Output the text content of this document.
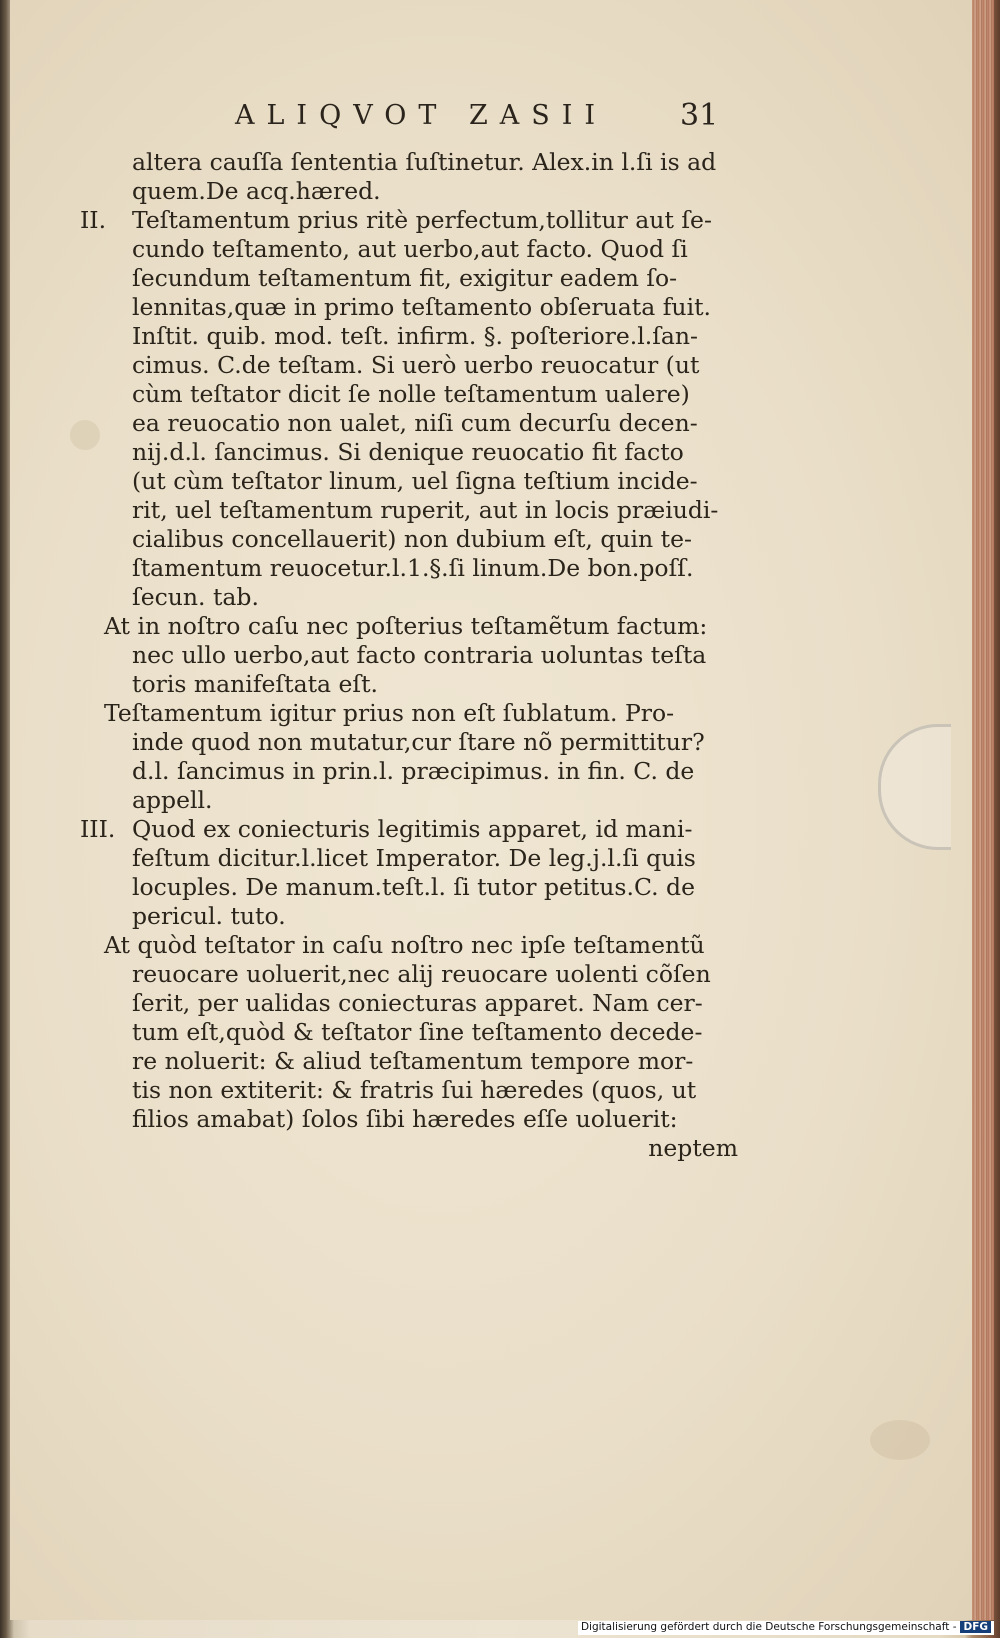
ALIQVOT ZASII	31
altera cauſſa ſententia ſuſtinetur. Alex.in l.ſi is ad
quem.De acq.hæred.
II. Teſtamentum prius ritè perfectum,tollitur aut ſe-
cundo teſtamento, aut uerbo,aut facto. Quod ſi
ſecundum teſtamentum fit, exigitur eadem ſo-
lennitas,quæ in primo teſtamento obſeruata fuit.
Inſtit. quib. mod. teſt. infirm. §. poſteriore.l.ſan-
cimus. C.de teſtam. Si uerò uerbo reuocatur (ut
cùm teſtator dicit ſe nolle teſtamentum ualere)
ea reuocatio non ualet, niſi cum decurſu decen-
nij.d.l. ſancimus. Si denique reuocatio fit facto
(ut cùm teſtator linum, uel ſigna teſtium incide-
rit, uel teſtamentum ruperit, aut in locis præiudi-
cialibus concellauerit) non dubium eſt, quin te-
ſtamentum reuocetur.l.1.§.ſi linum.De bon.poſſ.
ſecun. tab.
At in noſtro caſu nec poſterius teſtamẽtum factum:
nec ullo uerbo,aut facto contraria uoluntas teſta
toris manifeſtata eſt.
Teſtamentum igitur prius non eſt ſublatum. Pro-
inde quod non mutatur,cur ſtare nõ permittitur?
d.l. ſancimus in prin.l. præcipimus. in fin. C. de
appell.
III. Quod ex coniecturis legitimis apparet, id mani-
feſtum dicitur.l.licet Imperator. De leg.j.l.ſi quis
locuples. De manum.teſt.l. ſi tutor petitus.C. de
pericul. tuto.
At quòd teſtator in caſu noſtro nec ipſe teſtamentũ
reuocare uoluerit,nec alij reuocare uolenti cõſen
ſerit, per ualidas coniecturas apparet. Nam cer-
tum eſt,quòd & teſtator ſine teſtamento decede-
re noluerit: & aliud teſtamentum tempore mor-
tis non extiterit: & fratris ſui hæredes (quos, ut
filios amabat) ſolos ſibi hæredes eſſe uoluerit:
neptem
Digitalisierung gefördert durch die Deutsche Forschungsgemeinschaft - DFG
